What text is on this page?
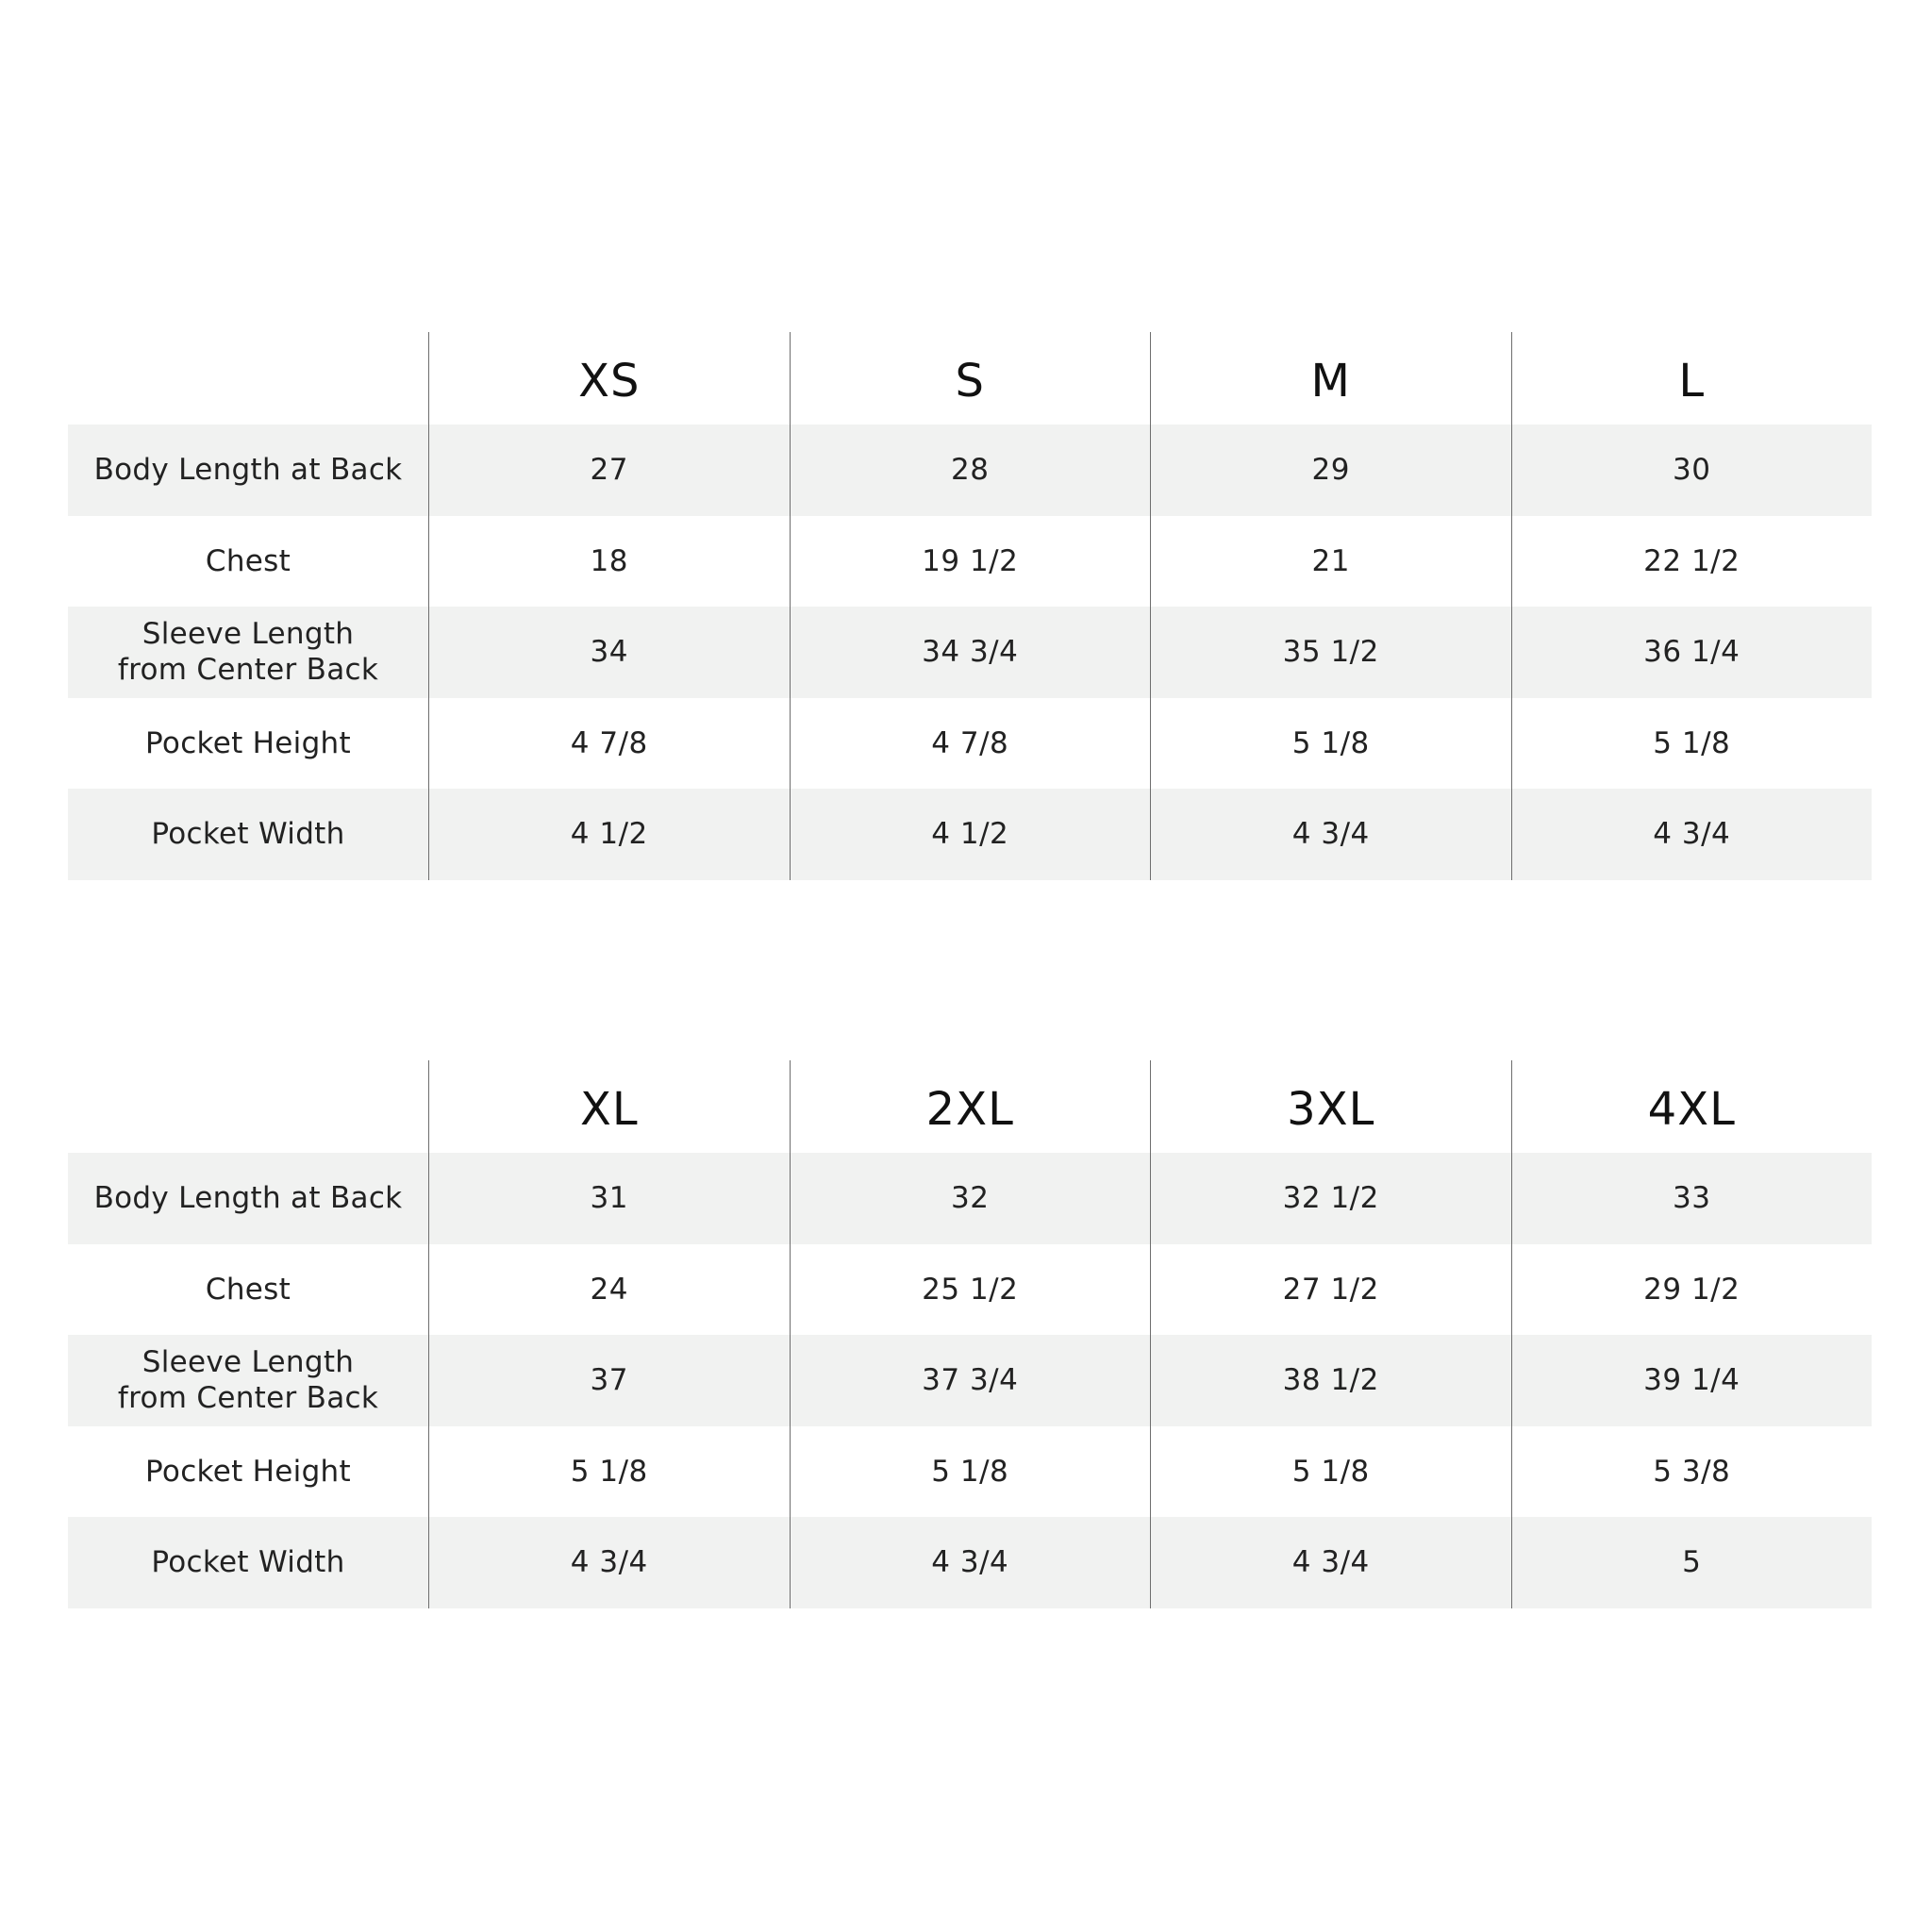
XS	S	M	L
Body Length at Back	27	28	29	30
Chest	18	19 1/2	21	22 1/2
Sleeve Length
from Center Back
34	34 3/4	35 1/2	36 1/4
Pocket Height	4 7/8	4 7/8	5 1/8	5 1/8
Pocket Width	4 1/2	4 1/2	4 3/4	4 3/4
XL	2XL	3XL	4XL
Body Length at Back	31	32	32 1/2	33
Chest	24	25 1/2	27 1/2	29 1/2
Sleeve Length
from Center Back
37	37 3/4	38 1/2	39 1/4
Pocket Height	5 1/8	5 1/8	5 1/8	5 3/8
Pocket Width	4 3/4	4 3/4	4 3/4	5
